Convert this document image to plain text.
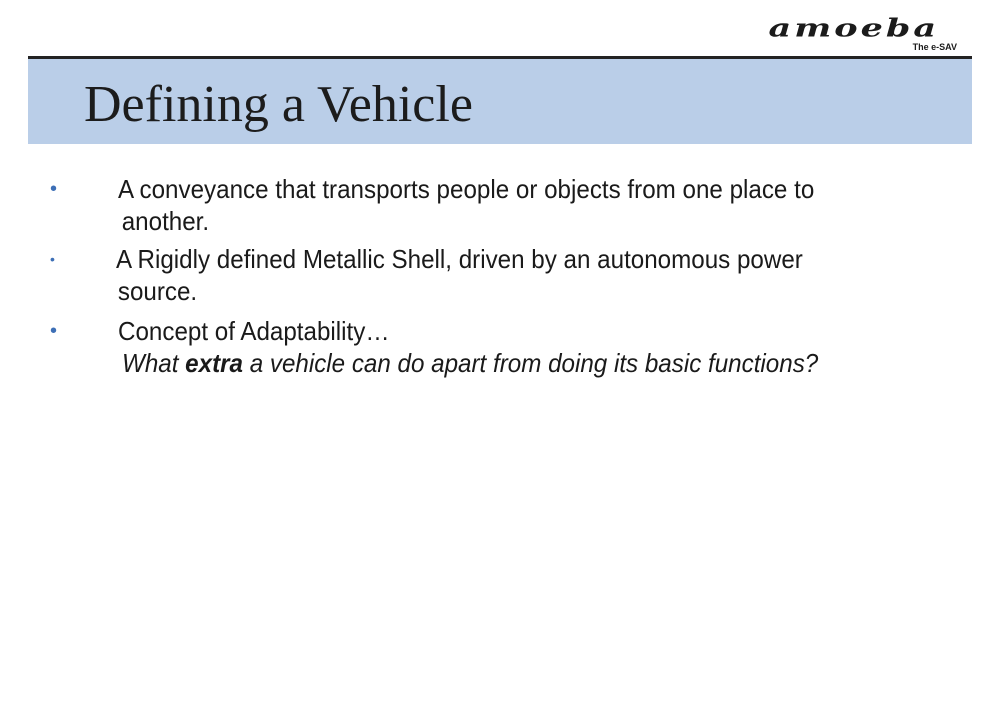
amoeba
The e-SAV
Defining a Vehicle
• A conveyance that transports people or objects from one place to
another.
• A Rigidly defined Metallic Shell, driven by an autonomous power
source.
• Concept of Adaptability…
What extra a vehicle can do apart from doing its basic functions?
